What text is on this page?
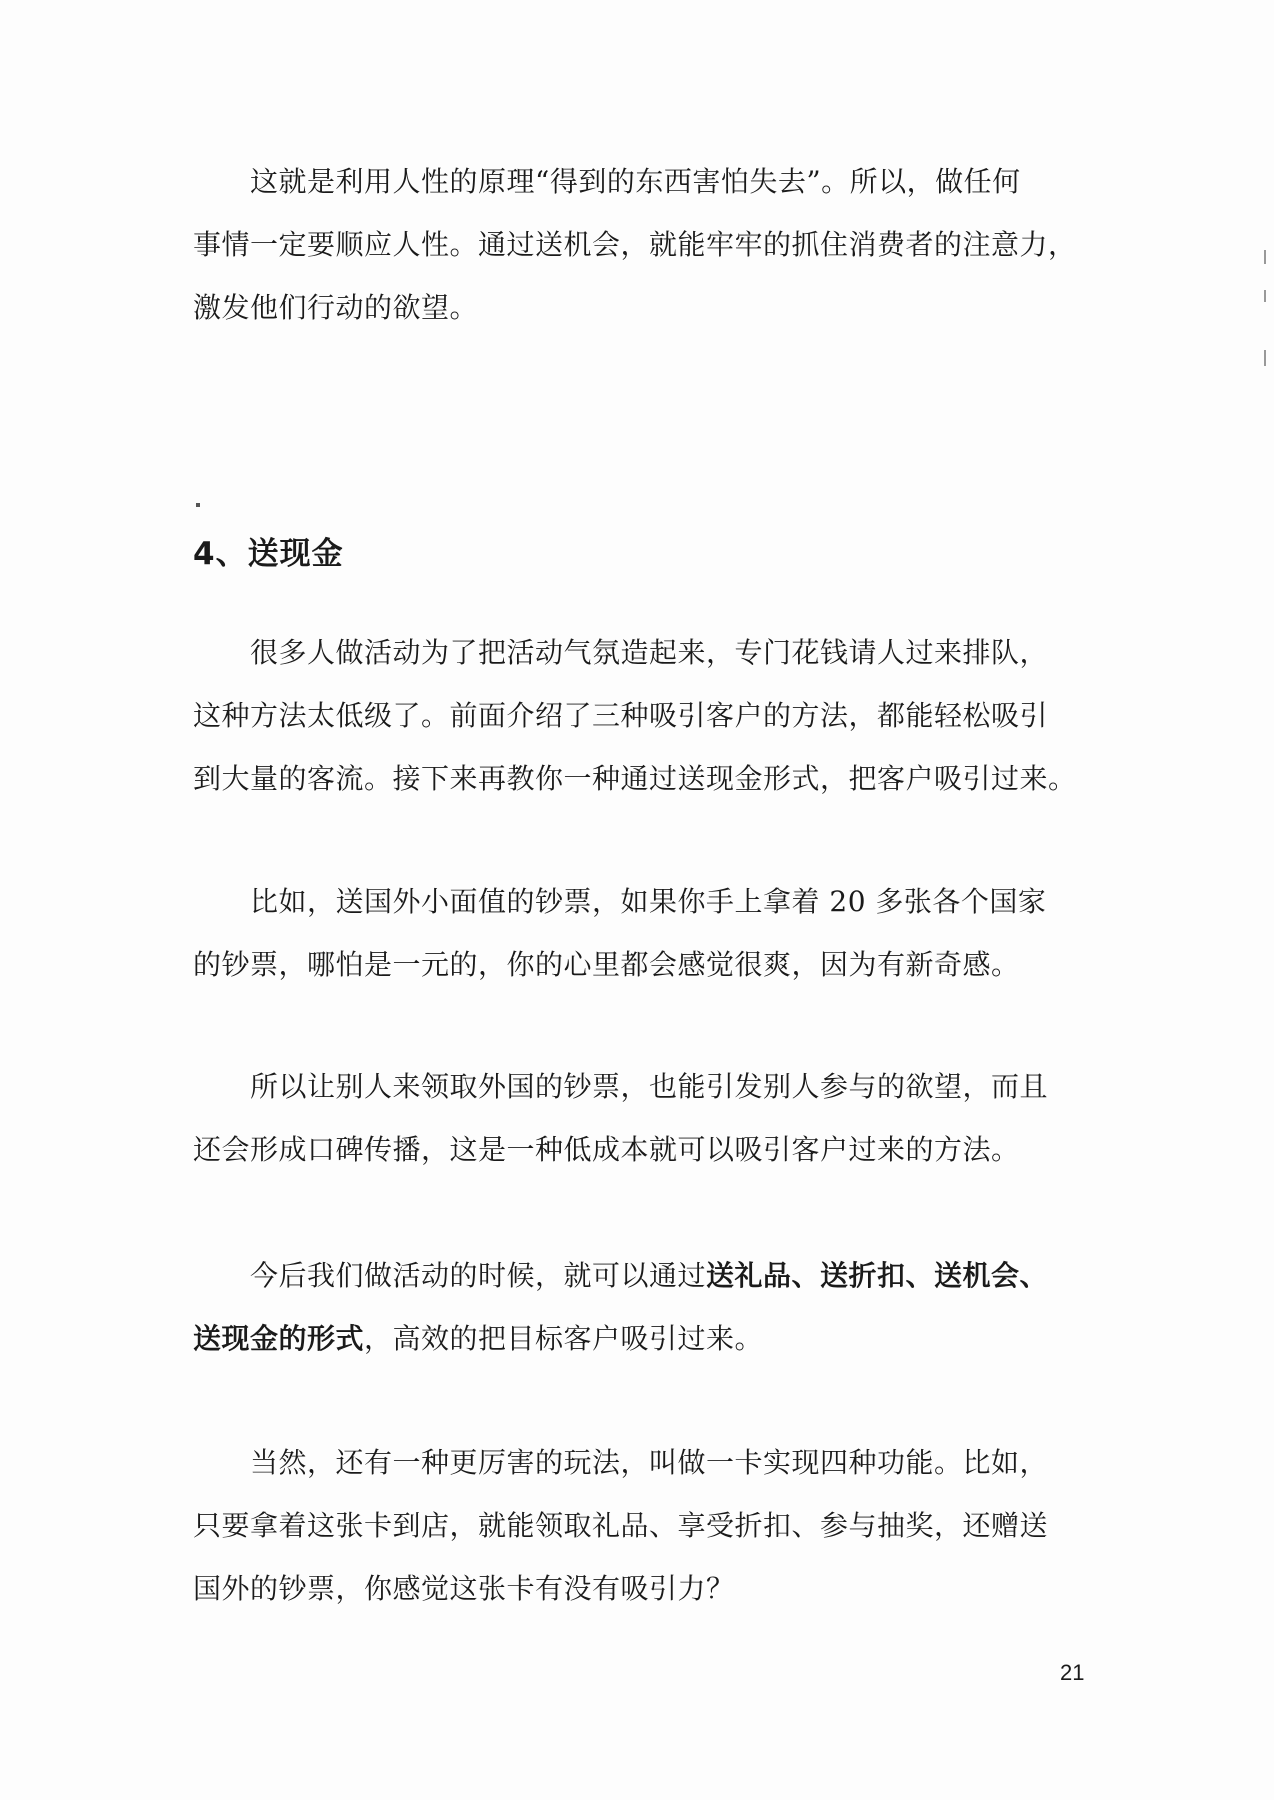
　　这就是利用人性的原理“得到的东西害怕失去”。所以，做任何
事情一定要顺应人性。通过送机会，就能牢牢的抓住消费者的注意力，
激发他们行动的欲望。
4、送现金
　　很多人做活动为了把活动气氛造起来，专门花钱请人过来排队，
这种方法太低级了。前面介绍了三种吸引客户的方法，都能轻松吸引
到大量的客流。接下来再教你一种通过送现金形式，把客户吸引过来。
　　比如，送国外小面值的钞票，如果你手上拿着 20 多张各个国家
的钞票，哪怕是一元的，你的心里都会感觉很爽，因为有新奇感。
　　所以让别人来领取外国的钞票，也能引发别人参与的欲望，而且
还会形成口碑传播，这是一种低成本就可以吸引客户过来的方法。
　　今后我们做活动的时候，就可以通过送礼品、送折扣、送机会、
送现金的形式，高效的把目标客户吸引过来。
　　当然，还有一种更厉害的玩法，叫做一卡实现四种功能。比如，
只要拿着这张卡到店，就能领取礼品、享受折扣、参与抽奖，还赠送
国外的钞票，你感觉这张卡有没有吸引力？
21
